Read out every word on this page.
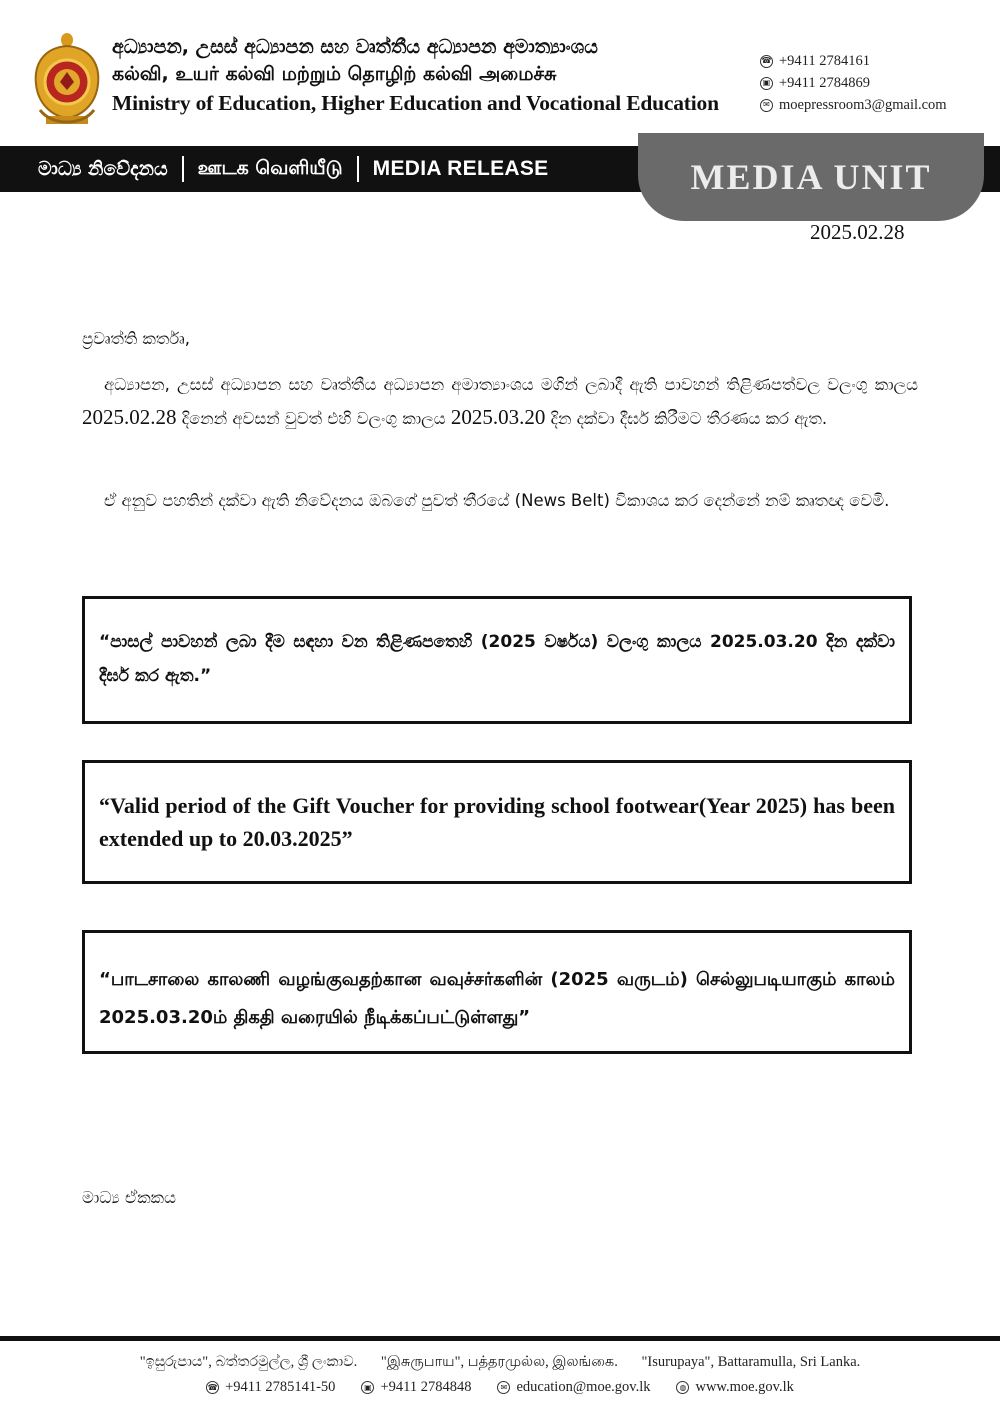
අධ්‍යාපන, උසස් අධ්‍යාපන සහ වෘත්තීය අධ්‍යාපන අමාත්‍යාංශය
கல்வி, உயர் கல்வி மற்றும் தொழிற் கல்வி அமைச்சு
Ministry of Education, Higher Education and Vocational Education
☎ +9411 2784161
▣ +9411 2784869
✉ moepressroom3@gmail.com
මාධ්‍ය නිවේදනය ஊடக வெளியீடு MEDIA RELEASE	MEDIA UNIT
2025.02.28
ප්‍රවෘත්ති කර්තෘ,
අධ්‍යාපන, උසස් අධ්‍යාපන සහ වෘත්තීය අධ්‍යාපන අමාත්‍යාංශය මගින් ලබාදී ඇති පාවහන් තිළිණපත්වල වලංගු කාලය 2025.02.28 දිනෙන් අවසන් වුවත් එහි වලංගු කාලය 2025.03.20 දින දක්වා දීර්ඝ කිරීමට තීරණය කර ඇත.
ඒ අනුව පහතින් දක්වා ඇති නිවේදනය ඔබගේ පුවත් තීරයේ (News Belt) විකාශය කර දෙන්නේ නම් කෘතඥ වෙමි.
“පාසල් පාවහන් ලබා දීම සඳහා වන තිළිණපතෙහි (2025 වර්ෂය) වලංගු කාලය 2025.03.20 දින දක්වා දීර්ඝ කර ඇත.”
“Valid period of the Gift Voucher for providing school footwear(Year 2025) has been extended up to 20.03.2025”
“பாடசாலை காலணி வழங்குவதற்கான வவுச்சர்களின் (2025 வருடம்) செல்லுபடியாகும் காலம் 2025.03.20ம் திகதி வரையில் நீடிக்கப்பட்டுள்ளது”
මාධ්‍ය ඒකකය
"ඉසුරුපාය", බත්තරමුල්ල, ශ්‍රී ලංකාව. "இசுருபாய", பத்தரமுல்ல, இலங்கை. "Isurupaya", Battaramulla, Sri Lanka.
☎ +9411 2785141-50	▣ +9411 2784848	✉ education@moe.gov.lk	◍ www.moe.gov.lk
